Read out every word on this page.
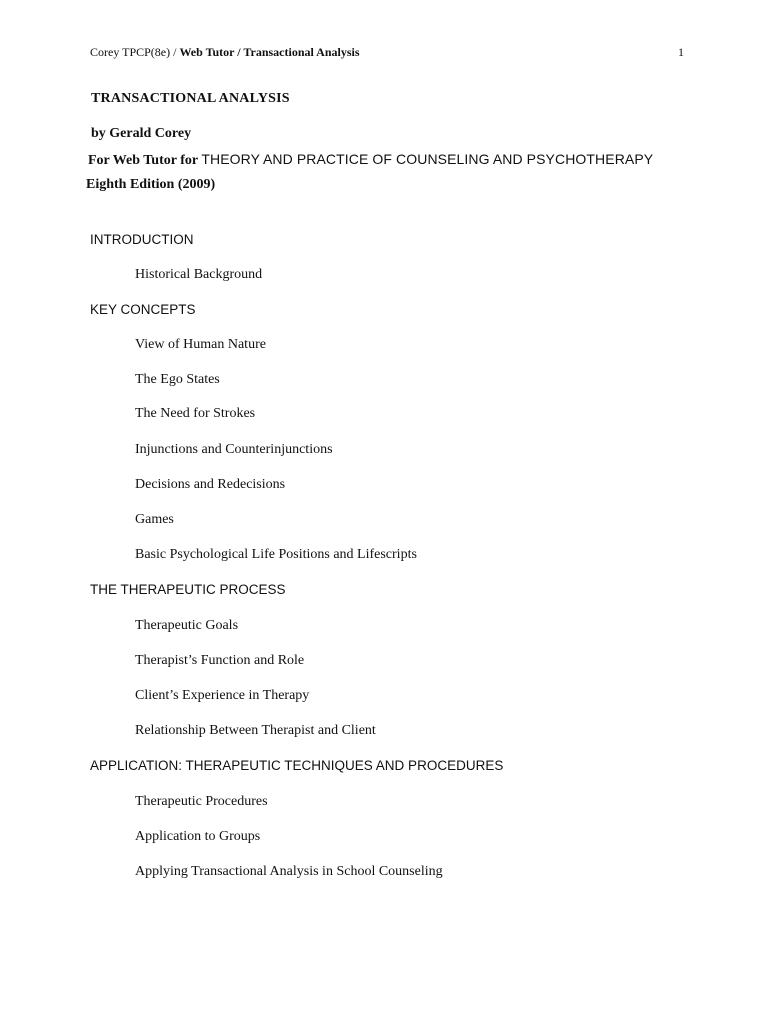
Corey TPCP(8e) / Web Tutor / Transactional Analysis	1
TRANSACTIONAL ANALYSIS
by Gerald Corey
For Web Tutor for THEORY AND PRACTICE OF COUNSELING AND PSYCHOTHERAPY
Eighth Edition (2009)
INTRODUCTION
Historical Background
KEY CONCEPTS
View of Human Nature
The Ego States
The Need for Strokes
Injunctions and Counterinjunctions
Decisions and Redecisions
Games
Basic Psychological Life Positions and Lifescripts
THE THERAPEUTIC PROCESS
Therapeutic Goals
Therapist’s Function and Role
Client’s Experience in Therapy
Relationship Between Therapist and Client
APPLICATION: THERAPEUTIC TECHNIQUES AND PROCEDURES
Therapeutic Procedures
Application to Groups
Applying Transactional Analysis in School Counseling
